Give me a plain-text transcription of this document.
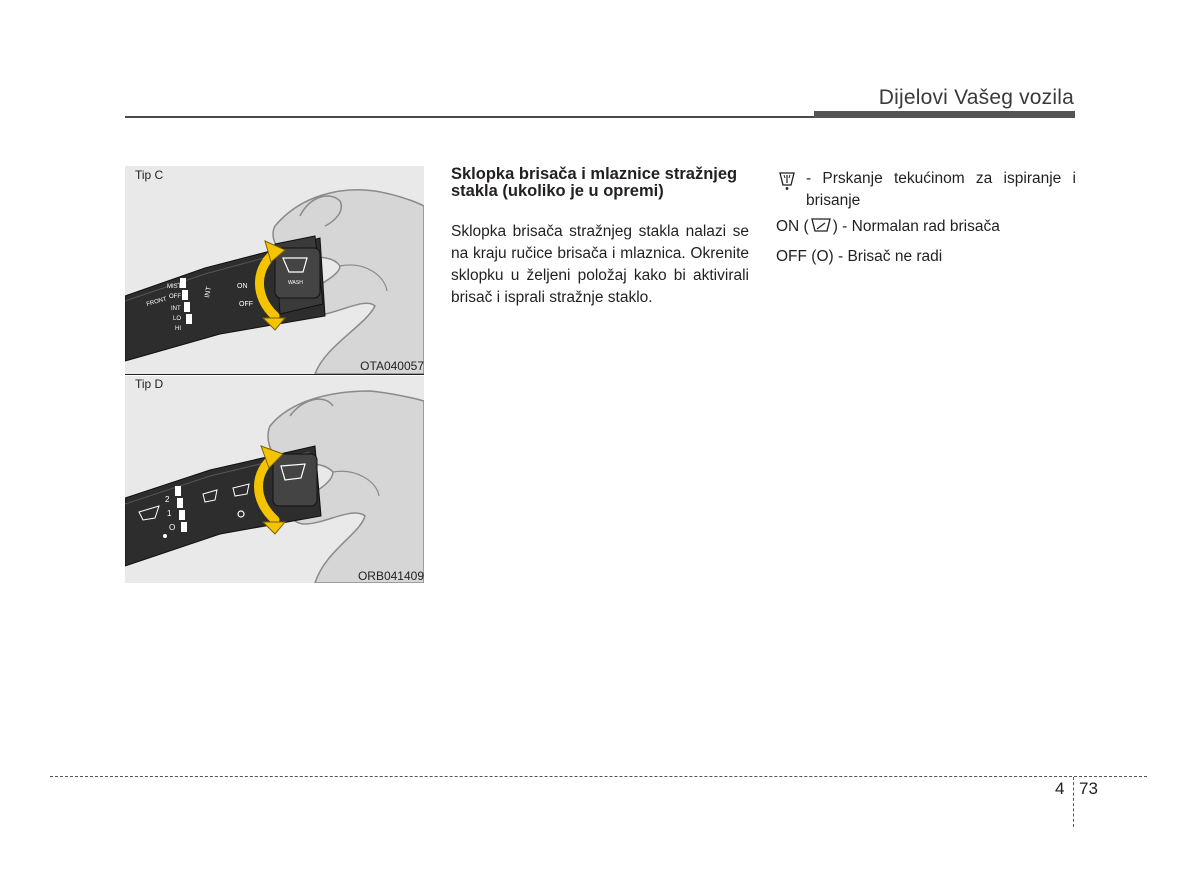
Dijelovi Vašeg vozila
FRONT
MIST
OFF
INT
LO
HI
INT	ON
OFF
WASH
Tip C
OTA040057
2
1
O
Tip D
ORB041409
Sklopka brisača i mlaznice stražnjeg stakla (ukoliko je u opremi)
Sklopka brisača stražnjeg stakla nalazi se na kraju ručice brisača i mlaznica. Okrenite sklopku u željeni položaj kako bi aktivirali brisač i isprali stražnje staklo.
- Prskanje tekućinom za ispiranje i brisanje
ON ( ) - Normalan rad brisača
OFF (O) - Brisač ne radi
4 73
